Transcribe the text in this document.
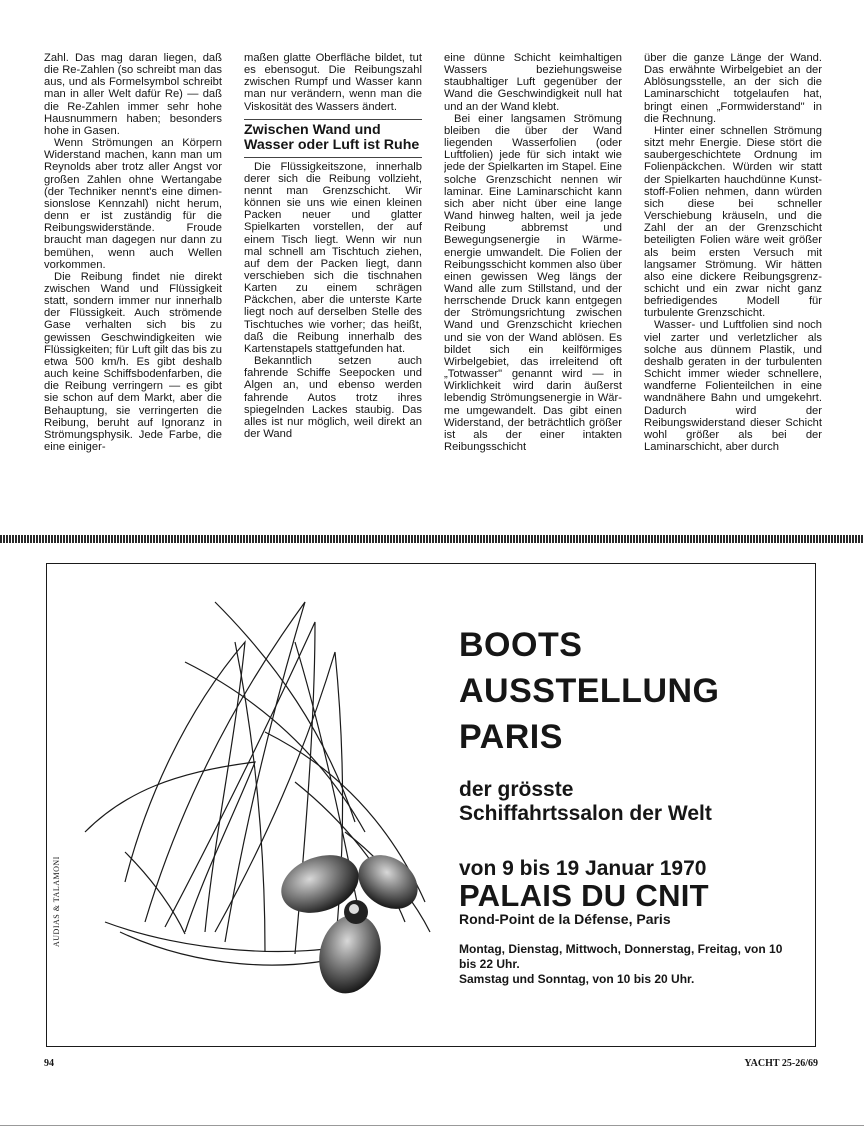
Zahl. Das mag daran liegen, daß die Re-Zahlen (so schreibt man das aus, und als Formelsymbol schreibt man in aller Welt dafür Re) — daß die Re-Zahlen immer sehr hohe Hausnummern haben; besonders hohe in Gasen.

Wenn Strömungen an Körpern Widerstand machen, kann man um Reynolds aber trotz aller Angst vor großen Zahlen ohne Wertangabe (der Techniker nennt's eine dimensionslose Kennzahl) nicht herum, denn er ist zuständig für die Reibungswiderstände. Froude braucht man dagegen nur dann zu bemühen, wenn auch Wellen vorkommen.

Die Reibung findet nie direkt zwischen Wand und Flüssigkeit statt, sondern immer nur innerhalb der Flüssigkeit. Auch strömende Gase verhalten sich bis zu gewissen Geschwindigkeiten wie Flüssigkeiten; für Luft gilt das bis zu etwa 500 km/h. Es gibt deshalb auch keine Schiffsbodenfarben, die die Reibung verringern — es gibt sie schon auf dem Markt, aber die Behauptung, sie verringerten die Reibung, beruht auf Ignoranz in Strömungsphysik. Jede Farbe, die eine einiger-

maßen glatte Oberfläche bildet, tut es ebensogut. Die Reibungszahl zwischen Rumpf und Wasser kann man nur verändern, wenn man die Viskosität des Wassers ändert.

Zwischen Wand und Wasser oder Luft ist Ruhe

Die Flüssigkeitszone, innerhalb derer sich die Reibung vollzieht, nennt man Grenzschicht. Wir können sie uns wie einen kleinen Packen neuer und glatter Spielkarten vorstellen, der auf einem Tisch liegt. Wenn wir nun mal schnell am Tischtuch ziehen, auf dem der Packen liegt, dann verschieben sich die tischnahen Karten zu einem schrägen Päckchen, aber die unterste Karte liegt noch auf derselben Stelle des Tischtuches wie vorher; das heißt, daß die Reibung innerhalb des Kartenstapels stattgefunden hat.

Bekanntlich setzen auch fahrende Schiffe Seepocken und Algen an, und ebenso werden fahrende Autos trotz ihres spiegelnden Lackes staubig. Das alles ist nur möglich, weil direkt an der Wand

eine dünne Schicht keimhaltigen Wassers beziehungsweise staubhaltiger Luft gegenüber der Wand die Geschwindigkeit null hat und an der Wand klebt.

Bei einer langsamen Strömung bleiben die über der Wand liegenden Wasserfolien (oder Luftfolien) jede für sich intakt wie jede der Spielkarten im Stapel. Eine solche Grenzschicht nennen wir laminar. Eine Laminarschicht kann sich aber nicht über eine lange Wand hinweg halten, weil ja jede Reibung abbremst und Bewegungsenergie in Wärmeenergie umwandelt. Die Folien der Reibungsschicht kommen also über einen gewissen Weg längs der Wand alle zum Stillstand, und der herrschende Druck kann entgegen der Strömungsrichtung zwischen Wand und Grenzschicht kriechen und sie von der Wand ablösen. Es bildet sich ein keilförmiges Wirbelgebiet, das irreleitend oft „Totwasser" genannt wird — in Wirklichkeit wird darin äußerst lebendig Strömungsenergie in Wärme umgewandelt. Das gibt einen Widerstand, der beträchtlich größer ist als der einer intakten Reibungsschicht

über die ganze Länge der Wand. Das erwähnte Wirbelgebiet an der Ablösungsstelle, an der sich die Laminarschicht totgelaufen hat, bringt einen „Formwiderstand" in die Rechnung.

Hinter einer schnellen Strömung sitzt mehr Energie. Diese stört die saubergeschichtete Ordnung im Folienpäckchen. Würden wir statt der Spielkarten hauchdünne Kunststoff-Folien nehmen, dann würden sich diese bei schneller Verschiebung kräuseln, und die Zahl der an der Grenzschicht beteiligten Folien wäre weit größer als beim ersten Versuch mit langsamer Strömung. Wir hätten also eine dickere Reibungsgrenzschicht und ein zwar nicht ganz befriedigendes Modell für turbulente Grenzschicht.

Wasser- und Luftfolien sind noch viel zarter und verletzlicher als solche aus dünnem Plastik, und deshalb geraten in der turbulenten Schicht immer wieder schnellere, wandferne Folienteilchen in eine wandnähere Bahn und umgekehrt. Dadurch wird der Reibungswiderstand dieser Schicht wohl größer als bei der Laminarschicht, aber durch

BOOTS
AUSSTELLUNG
PARIS
der grösste
Schiffahrtssalon der Welt
von 9 bis 19 Januar 1970
PALAIS DU CNIT
Rond-Point de la Défense, Paris
Montag, Dienstag, Mittwoch, Donnerstag, Freitag, von 10 bis 22 Uhr.
Samstag und Sonntag, von 10 bis 20 Uhr.
AUDIAS & TALAMONI
94	YACHT 25-26/69
